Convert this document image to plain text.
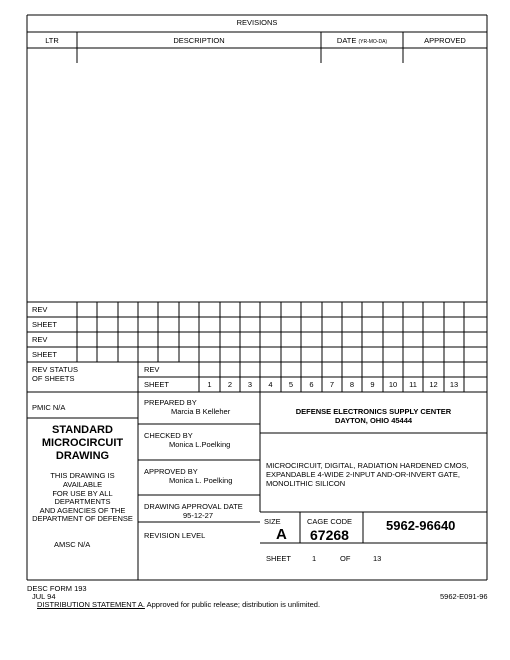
REVISIONS
LTR	DESCRIPTION	DATE (YR-MO-DA)	APPROVED
REV
SHEET
REV
SHEET
REV STATUS
OF SHEETS
REV
SHEET	1	2	3	4	5	6	7	8	9	10	11	12	13
PMIC N/A
STANDARD
MICROCIRCUIT
DRAWING
THIS DRAWING IS
AVAILABLE
FOR USE BY ALL
DEPARTMENTS
AND AGENCIES OF THE
DEPARTMENT OF DEFENSE
AMSC N/A
PREPARED BY
Marcia B Kelleher
CHECKED BY
Monica L.Poelking
APPROVED BY
Monica L. Poelking
DRAWING APPROVAL DATE
95-12-27
REVISION LEVEL
DEFENSE ELECTRONICS SUPPLY CENTER
DAYTON, OHIO 45444
MICROCIRCUIT, DIGITAL, RADIATION HARDENED CMOS,
EXPANDABLE 4-WIDE 2-INPUT AND-OR-INVERT GATE,
MONOLITHIC SILICON
SIZE
A
CAGE CODE
67268
5962-96640
SHEET	1	OF	13
DESC FORM 193
JUL 94
DISTRIBUTION STATEMENT A. Approved for public release; distribution is unlimited.
5962-E091-96
